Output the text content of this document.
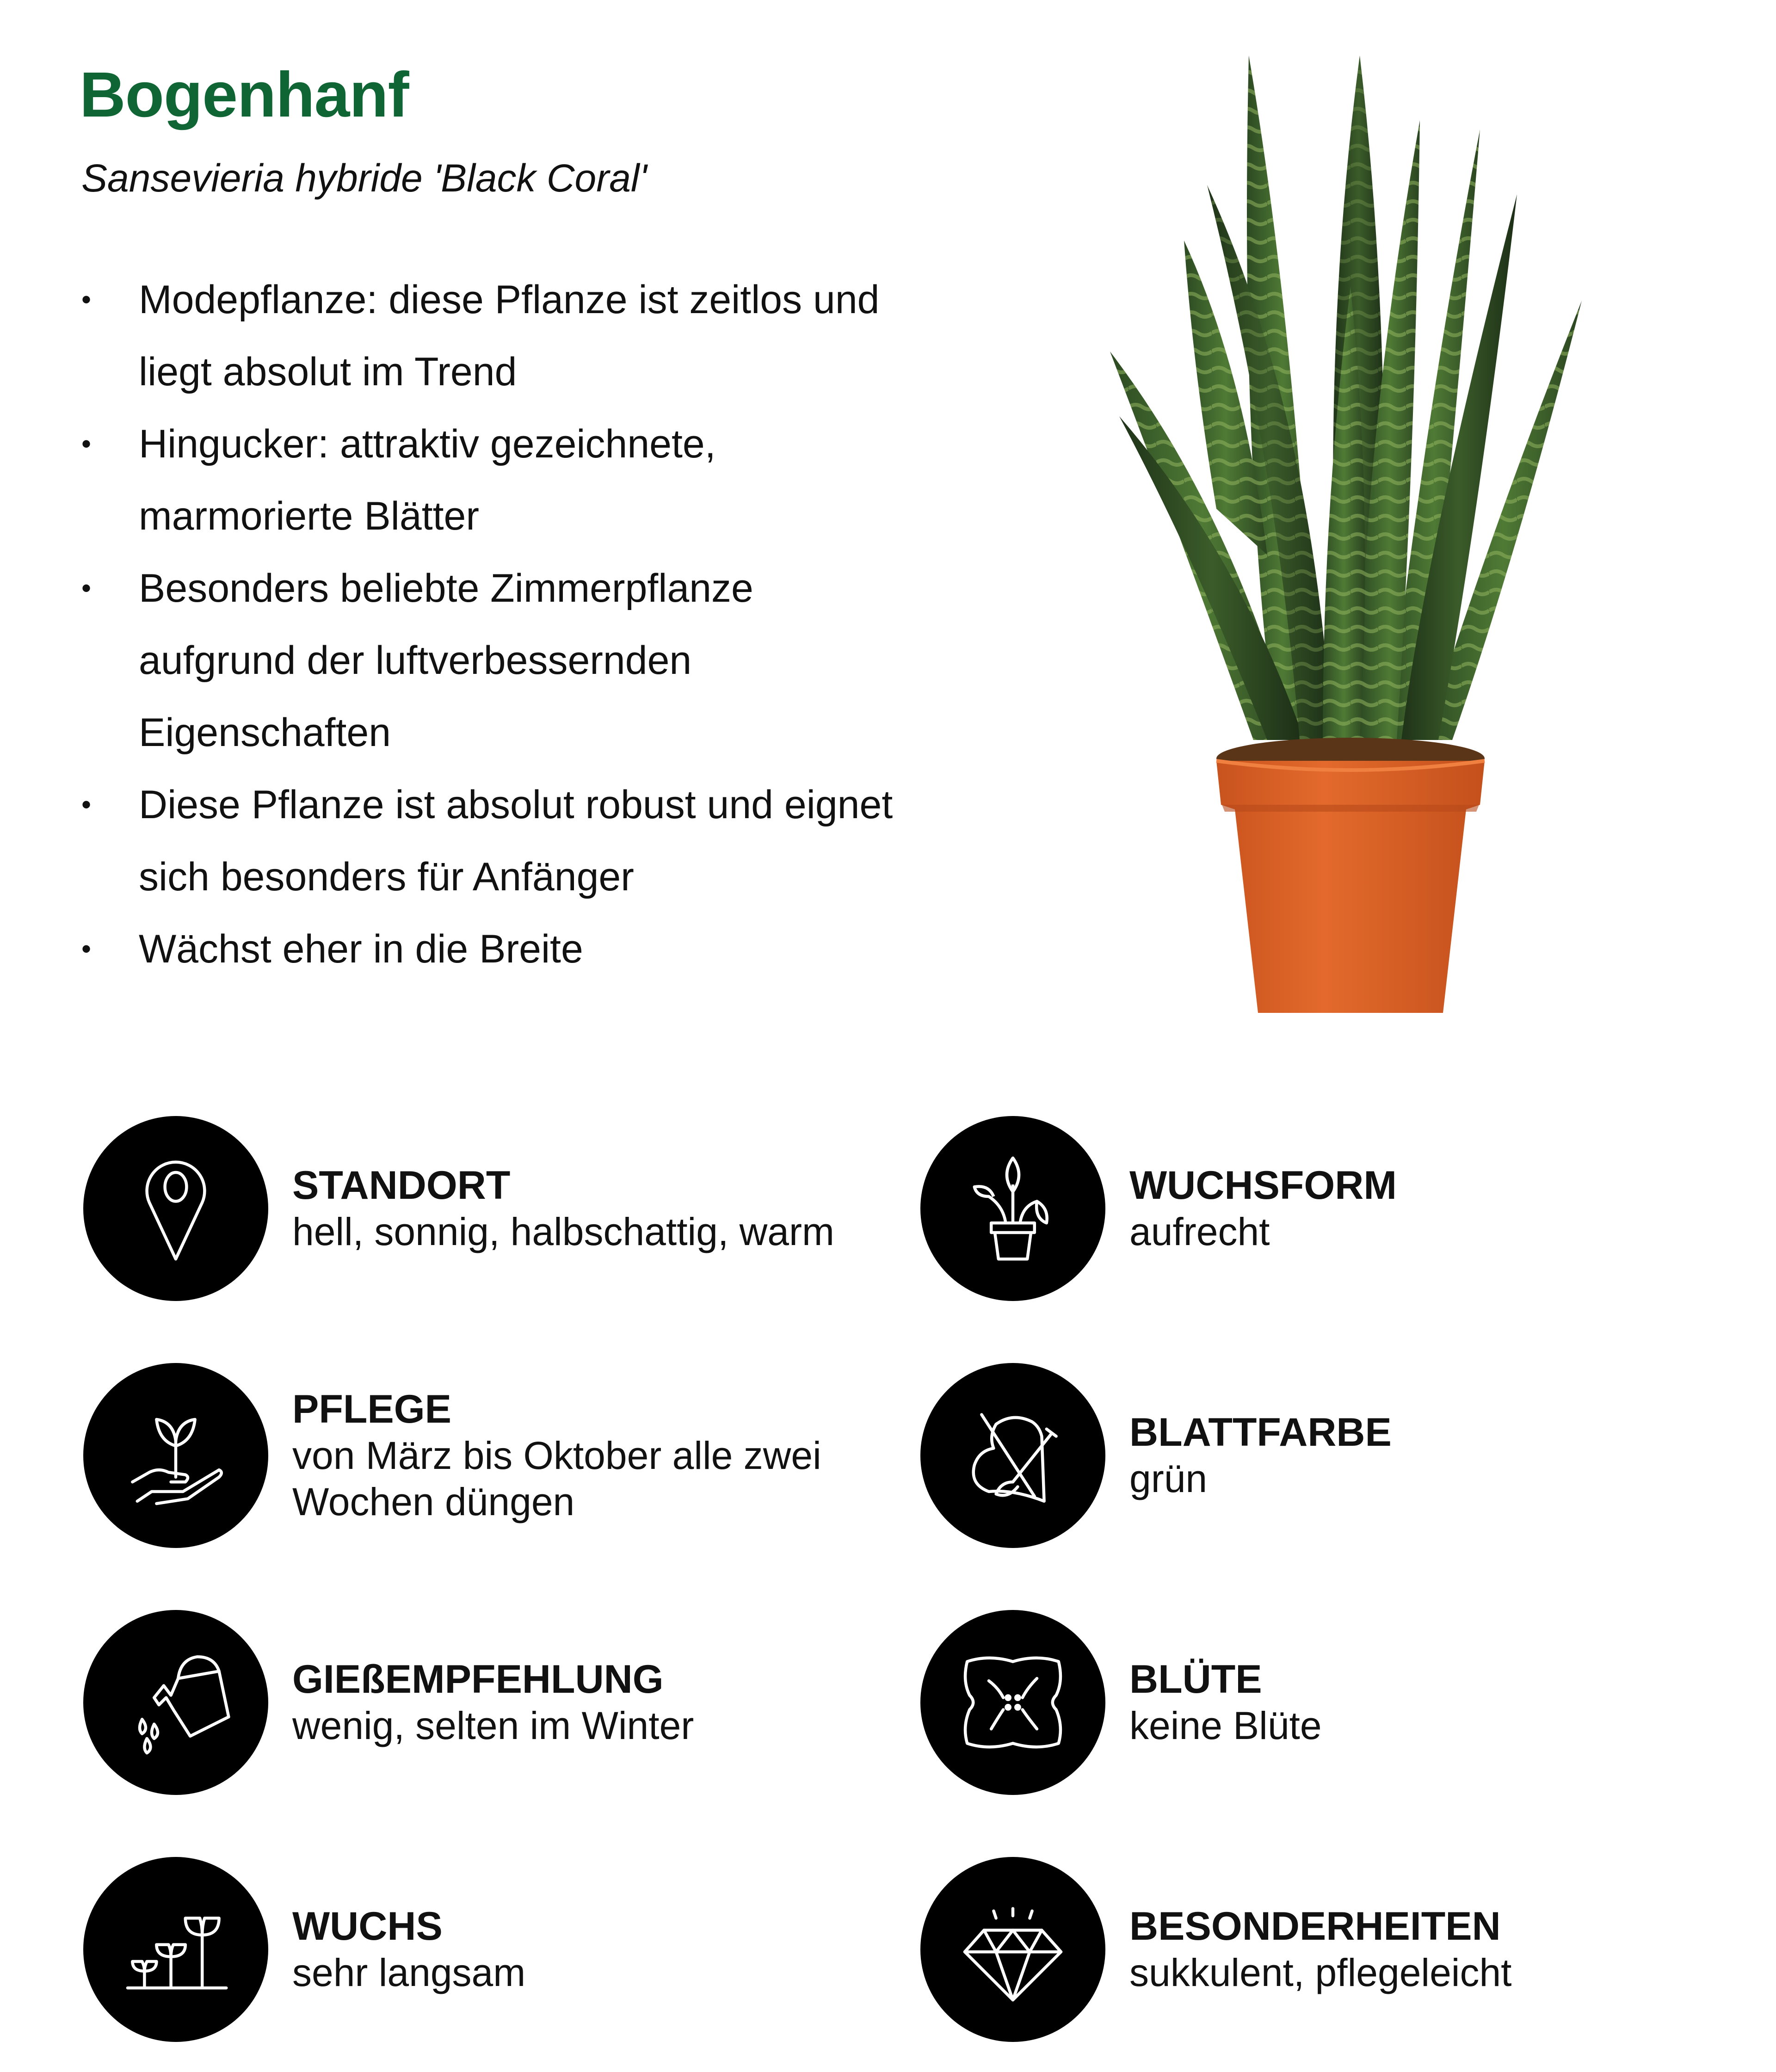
Bogenhanf
Sansevieria hybride 'Black Coral'
• Modepflanze: diese Pflanze ist zeitlos und
liegt absolut im Trend
• Hingucker: attraktiv gezeichnete,
marmorierte Blätter
• Besonders beliebte Zimmerpflanze
aufgrund der luftverbessernden
Eigenschaften
• Diese Pflanze ist absolut robust und eignet
sich besonders für Anfänger
• Wächst eher in die Breite
STANDORT
hell, sonnig, halbschattig, warm
WUCHSFORM
aufrecht
PFLEGE
von März bis Oktober alle zwei
Wochen düngen
BLATTFARBE
grün
GIEßEMPFEHLUNG
wenig, selten im Winter
BLÜTE
keine Blüte
WUCHS
sehr langsam
BESONDERHEITEN
sukkulent, pflegeleicht
